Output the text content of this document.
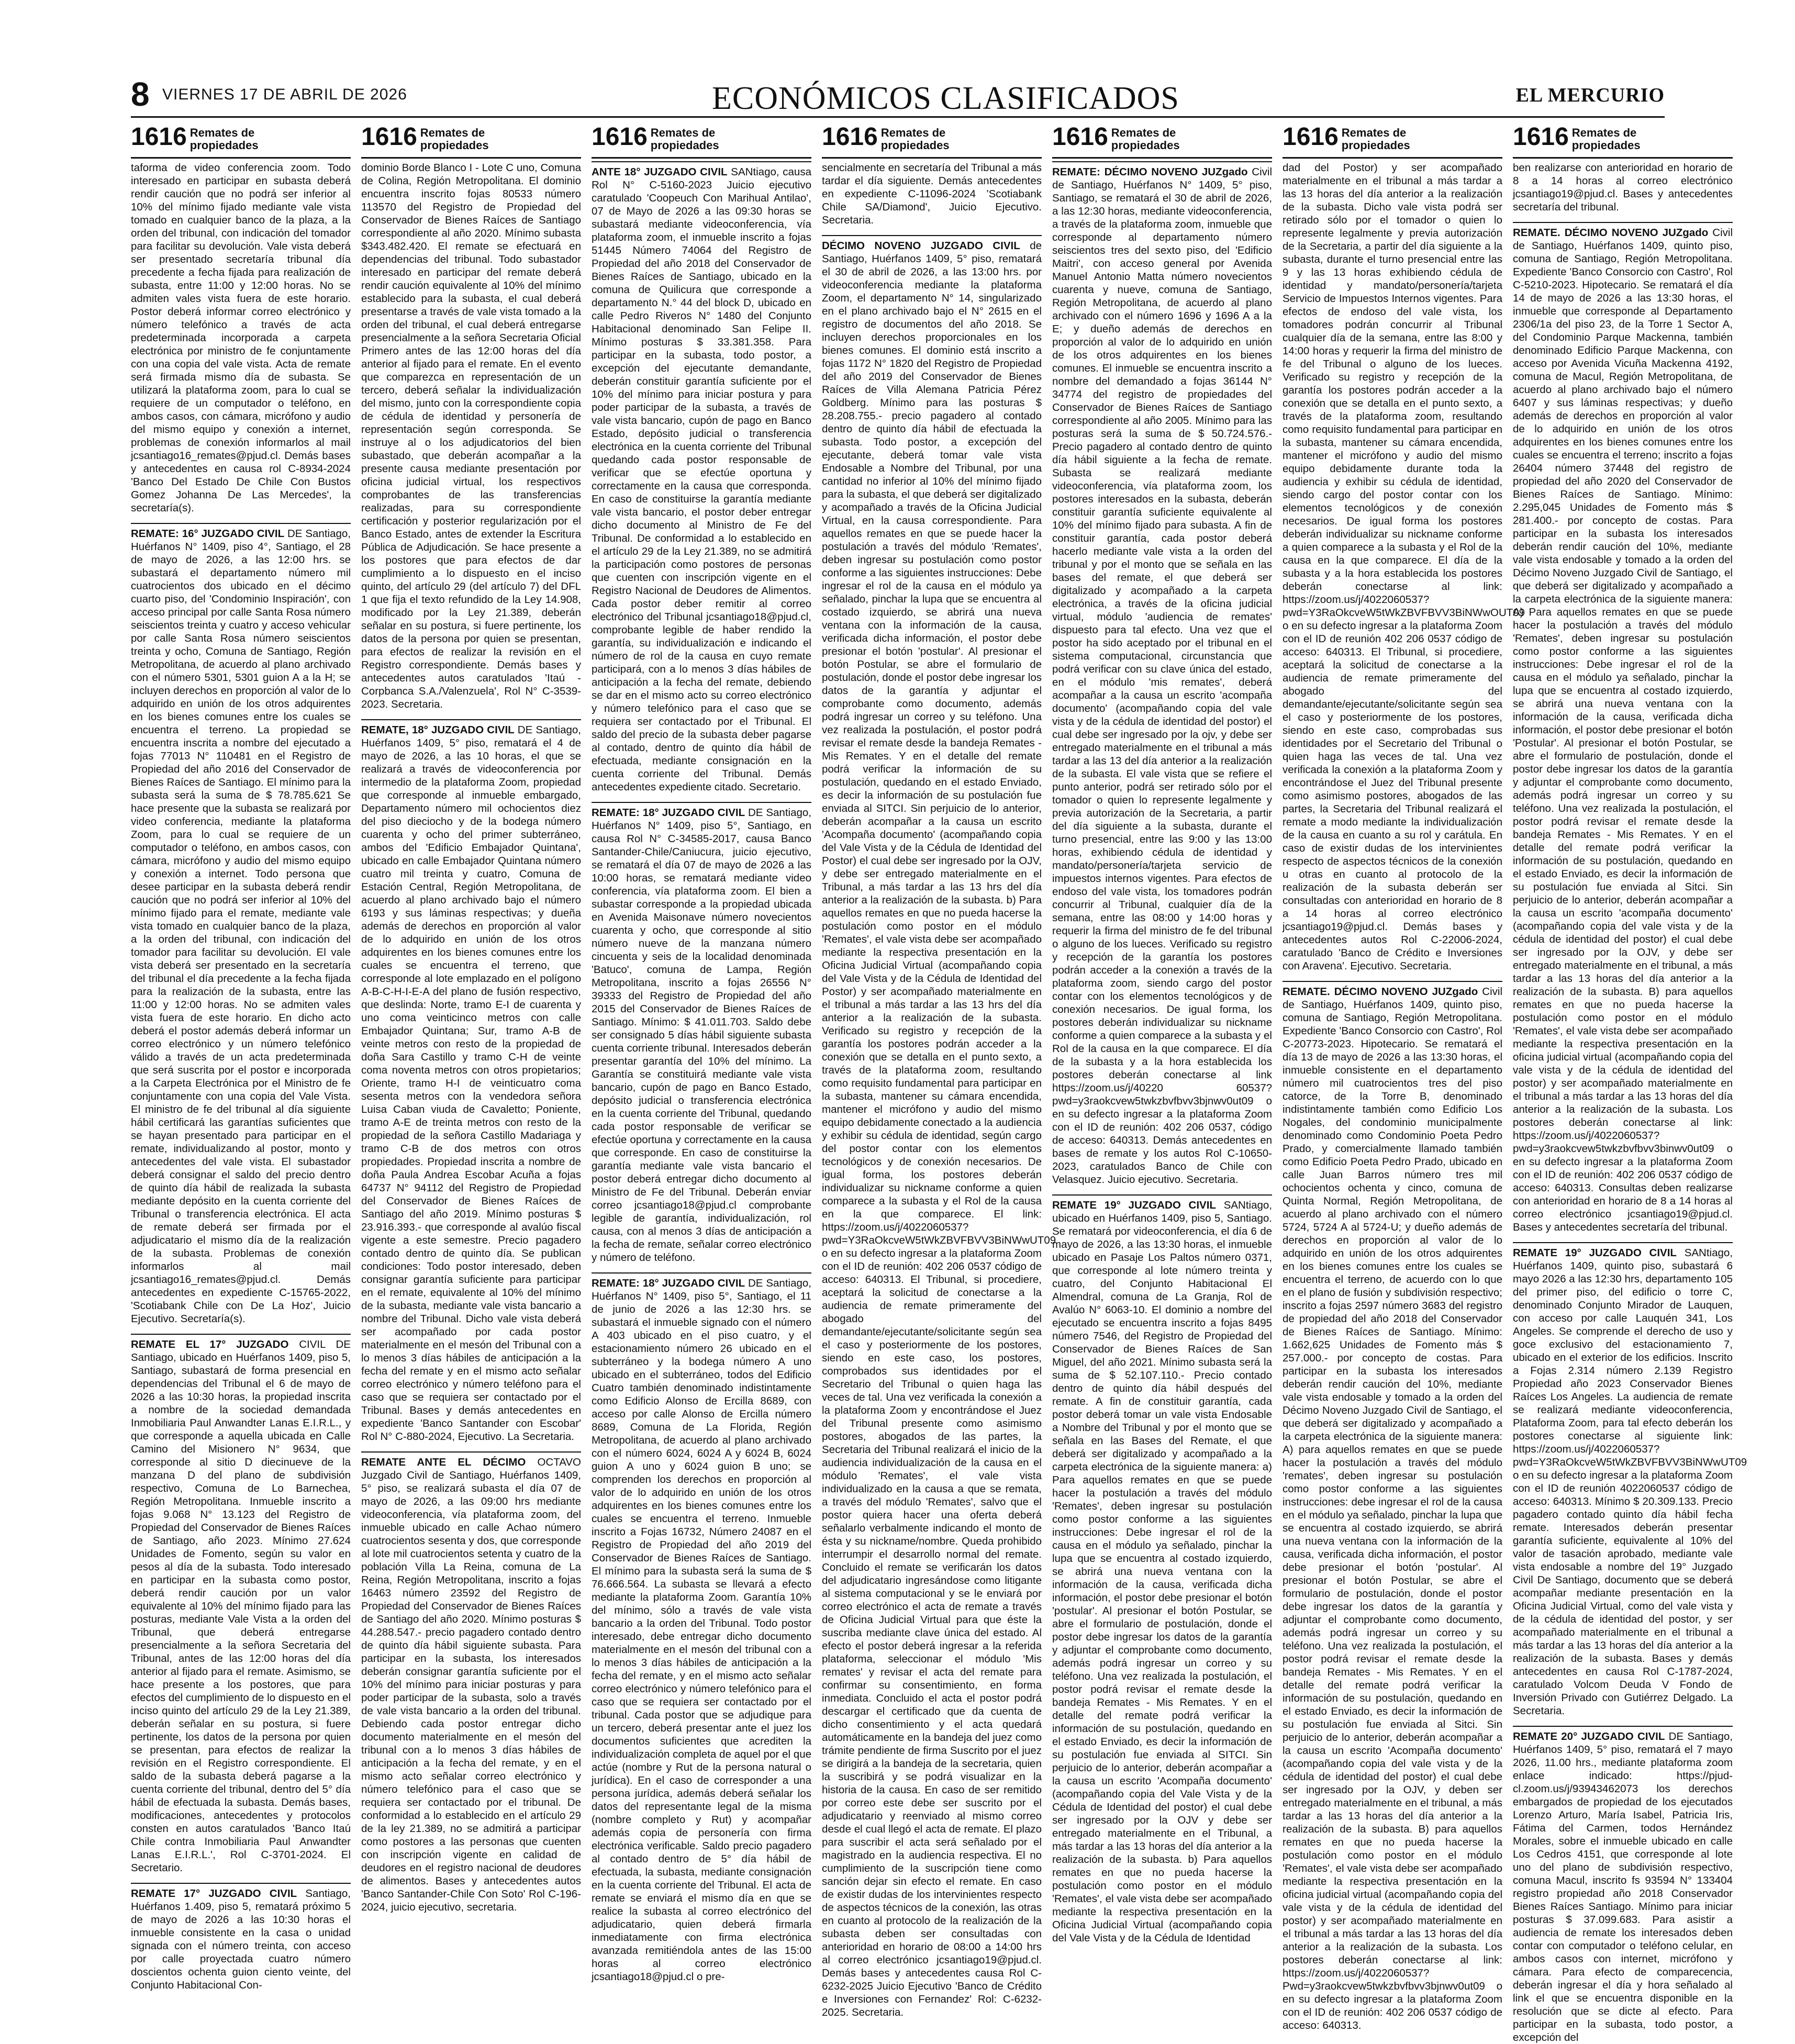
8 VIERNES 17 DE ABRIL DE 2026	ECONÓMICOS CLASIFICADOS	EL MERCURIO
1616 Remates de
propiedades	1616 Remates de
propiedades	1616 Remates de
propiedades	1616 Remates de
propiedades	1616 Remates de
propiedades	1616 Remates de
propiedades	1616 Remates de
propiedades

taforma de video conferencia zoom. Todo interesado en participar en subasta deberá rendir caución que no podrá ser inferior al 10% del mínimo fijado mediante vale vista tomado en cualquier banco de la plaza, a la orden del tribunal, con indicación del tomador para facilitar su devolución. Vale vista deberá ser presentado secretaría tribunal día precedente a fecha fijada para realización de subasta, entre 11:00 y 12:00 horas. No se admiten vales vista fuera de este horario. Postor deberá informar correo electrónico y número telefónico a través de acta predeterminada incorporada a carpeta electrónica por ministro de fe conjuntamente con una copia del vale vista. Acta de remate será firmada mismo día de subasta. Se utilizará la plataforma zoom, para lo cual se requiere de un computador o teléfono, en ambos casos, con cámara, micrófono y audio del mismo equipo y conexión a internet, problemas de conexión informarlos al mail jcsantiago16_remates@pjud.cl. Demás bases y antecedentes en causa rol C-8934-2024 'Banco Del Estado De Chile Con Bustos Gomez Johanna De Las Mercedes', la secretaría(s).

REMATE: 16° JUZGADO CIVIL DE Santiago, Huérfanos N° 1409, piso 4°, Santiago, el 28 de mayo de 2026, a las 12:00 hrs. se subastará el departamento número mil cuatrocientos dos ubicado en el décimo cuarto piso, del 'Condominio Inspiración', con acceso principal por calle Santa Rosa número seiscientos treinta y cuatro y acceso vehicular por calle Santa Rosa número seiscientos treinta y ocho, Comuna de Santiago, Región Metropolitana, de acuerdo al plano archivado con el número 5301, 5301 guion A a la H; se incluyen derechos en proporción al valor de lo adquirido en unión de los otros adquirentes en los bienes comunes entre los cuales se encuentra el terreno. La propiedad se encuentra inscrita a nombre del ejecutado a fojas 77013 N° 110481 en el Registro de Propiedad del año 2016 del Conservador de Bienes Raíces de Santiago. El mínimo para la subasta será la suma de $ 78.785.621 Se hace presente que la subasta se realizará por video conferencia, mediante la plataforma Zoom, para lo cual se requiere de un computador o teléfono, en ambos casos, con cámara, micrófono y audio del mismo equipo y conexión a internet. Todo persona que desee participar en la subasta deberá rendir caución que no podrá ser inferior al 10% del mínimo fijado para el remate, mediante vale vista tomado en cualquier banco de la plaza, a la orden del tribunal, con indicación del tomador para facilitar su devolución. El vale vista deberá ser presentado en la secretaría del tribunal el día precedente a la fecha fijada para la realización de la subasta, entre las 11:00 y 12:00 horas. No se admiten vales vista fuera de este horario. En dicho acto deberá el postor además deberá informar un correo electrónico y un número telefónico válido a través de un acta predeterminada que será suscrita por el postor e incorporada a la Carpeta Electrónica por el Ministro de fe conjuntamente con una copia del Vale Vista. El ministro de fe del tribunal al día siguiente hábil certificará las garantías suficientes que se hayan presentado para participar en el remate, individualizando al postor, monto y antecedentes del vale vista. El subastador deberá consignar el saldo del precio dentro de quinto día hábil de realizada la subasta mediante depósito en la cuenta corriente del Tribunal o transferencia electrónica. El acta de remate deberá ser firmada por el adjudicatario el mismo día de la realización de la subasta. Problemas de conexión informarlos al mail jcsantiago16_remates@pjud.cl. Demás antecedentes en expediente C-15765-2022, 'Scotiabank Chile con De La Hoz', Juicio Ejecutivo. Secretaría(s).

REMATE EL 17° JUZGADO CIVIL DE Santiago, ubicado en Huérfanos 1409, piso 5, Santiago, subastará de forma presencial en dependencias del Tribunal el 6 de mayo de 2026 a las 10:30 horas, la propiedad inscrita a nombre de la sociedad demandada Inmobiliaria Paul Anwandter Lanas E.I.R.L., y que corresponde a aquella ubicada en Calle Camino del Misionero N° 9634, que corresponde al sitio D diecinueve de la manzana D del plano de subdivisión respectivo, Comuna de Lo Barnechea, Región Metropolitana. Inmueble inscrito a fojas 9.068 N° 13.123 del Registro de Propiedad del Conservador de Bienes Raíces de Santiago, año 2023. Mínimo 27.624 Unidades de Fomento, según su valor en pesos al día de la subasta. Todo interesado en participar en la subasta como postor, deberá rendir caución por un valor equivalente al 10% del mínimo fijado para las posturas, mediante Vale Vista a la orden del Tribunal, que deberá entregarse presencialmente a la señora Secretaria del Tribunal, antes de las 12:00 horas del día anterior al fijado para el remate. Asimismo, se hace presente a los postores, que para efectos del cumplimiento de lo dispuesto en el inciso quinto del artículo 29 de la Ley 21.389, deberán señalar en su postura, si fuere pertinente, los datos de la persona por quien se presentan, para efectos de realizar la revisión en el Registro correspondiente. El saldo de la subasta deberá pagarse a la cuenta corriente del tribunal, dentro del 5° día hábil de efectuada la subasta. Demás bases, modificaciones, antecedentes y protocolos consten en autos caratulados 'Banco Itaú Chile contra Inmobiliaria Paul Anwandter Lanas E.I.R.L.', Rol C-3701-2024. El Secretario.

REMATE 17° JUZGADO CIVIL Santiago, Huérfanos 1.409, piso 5, rematará próximo 5 de mayo de 2026 a las 10:30 horas el inmueble consistente en la casa o unidad signada con el número treinta, con acceso por calle proyectada cuatro número doscientos ochenta guion ciento veinte, del Conjunto Habitacional Con-

dominio Borde Blanco I - Lote C uno, Comuna de Colina, Región Metropolitana. El dominio encuentra inscrito fojas 80533 número 113570 del Registro de Propiedad del Conservador de Bienes Raíces de Santiago correspondiente al año 2020. Mínimo subasta $343.482.420. El remate se efectuará en dependencias del tribunal. Todo subastador interesado en participar del remate deberá rendir caución equivalente al 10% del mínimo establecido para la subasta, el cual deberá presentarse a través de vale vista tomado a la orden del tribunal, el cual deberá entregarse presencialmente a la señora Secretaria Oficial Primero antes de las 12:00 horas del día anterior al fijado para el remate. En el evento que comparezca en representación de un tercero, deberá señalar la individualización del mismo, junto con la correspondiente copia de cédula de identidad y personería de representación según corresponda. Se instruye al o los adjudicatorios del bien subastado, que deberán acompañar a la presente causa mediante presentación por oficina judicial virtual, los respectivos comprobantes de las transferencias realizadas, para su correspondiente certificación y posterior regularización por el Banco Estado, antes de extender la Escritura Pública de Adjudicación. Se hace presente a los postores que para efectos de dar cumplimiento a lo dispuesto en el inciso quinto, del artículo 29 (del artículo 7) del DFL 1 que fija el texto refundido de la Ley 14.908, modificado por la Ley 21.389, deberán señalar en su postura, si fuere pertinente, los datos de la persona por quien se presentan, para efectos de realizar la revisión en el Registro correspondiente. Demás bases y antecedentes autos caratulados 'Itaú - Corpbanca S.A./Valenzuela', Rol N° C-3539-2023. Secretaria.

REMATE, 18° JUZGADO CIVIL DE Santiago, Huérfanos 1409, 5° piso, rematará el 4 de mayo de 2026, a las 10 horas, el que se realizará a través de videoconferencia por intermedio de la plataforma Zoom, propiedad que corresponde al inmueble embargado, Departamento número mil ochocientos diez del piso dieciocho y de la bodega número cuarenta y ocho del primer subterráneo, ambos del 'Edificio Embajador Quintana', ubicado en calle Embajador Quintana número cuatro mil treinta y cuatro, Comuna de Estación Central, Región Metropolitana, de acuerdo al plano archivado bajo el número 6193 y sus láminas respectivas; y dueña además de derechos en proporción al valor de lo adquirido en unión de los otros adquirentes en los bienes comunes entre los cuales se encuentra el terreno, que corresponde al lote emplazado en el polígono A-B-C-H-I-E-A del plano de fusión respectivo, que deslinda: Norte, tramo E-I de cuarenta y uno coma veinticinco metros con calle Embajador Quintana; Sur, tramo A-B de veinte metros con resto de la propiedad de doña Sara Castillo y tramo C-H de veinte coma noventa metros con otros propietarios; Oriente, tramo H-I de veinticuatro coma sesenta metros con la vendedora señora Luisa Caban viuda de Cavaletto; Poniente, tramo A-E de treinta metros con resto de la propiedad de la señora Castillo Madariaga y tramo C-B de dos metros con otros propiedades. Propiedad inscrita a nombre de doña Paula Andrea Escobar Acuña a fojas 64737 N° 94112 del Registro de Propiedad del Conservador de Bienes Raíces de Santiago del año 2019. Mínimo posturas $ 23.916.393.- que corresponde al avalúo fiscal vigente a este semestre. Precio pagadero contado dentro de quinto día. Se publican condiciones: Todo postor interesado, deben consignar garantía suficiente para participar en el remate, equivalente al 10% del mínimo de la subasta, mediante vale vista bancario a nombre del Tribunal. Dicho vale vista deberá ser acompañado por cada postor materialmente en el mesón del Tribunal con a lo menos 3 días hábiles de anticipación a la fecha del remate y en el mismo acto señalar correo electrónico y número teléfono para el caso que se requiera ser contactado por el Tribunal. Bases y demás antecedentes en expediente 'Banco Santander con Escobar' Rol N° C-880-2024, Ejecutivo. La Secretaria.

REMATE ANTE EL DÉCIMO OCTAVO Juzgado Civil de Santiago, Huérfanos 1409, 5° piso, se realizará subasta el día 07 de mayo de 2026, a las 09:00 hrs mediante videoconferencia, vía plataforma zoom, del inmueble ubicado en calle Achao número cuatrocientos sesenta y dos, que corresponde al lote mil cuatrocientos setenta y cuatro de la población Villa La Reina, comuna de La Reina, Región Metropolitana, inscrito a fojas 16463 número 23592 del Registro de Propiedad del Conservador de Bienes Raíces de Santiago del año 2020. Mínimo posturas $ 44.288.547.- precio pagadero contado dentro de quinto día hábil siguiente subasta. Para participar en la subasta, los interesados deberán consignar garantía suficiente por el 10% del mínimo para iniciar posturas y para poder participar de la subasta, solo a través de vale vista bancario a la orden del tribunal. Debiendo cada postor entregar dicho documento materialmente en el mesón del tribunal con a lo menos 3 días hábiles de anticipación a la fecha del remate, y en el mismo acto señalar correo electrónico y número telefónico para el caso que se requiera ser contactado por el tribunal. De conformidad a lo establecido en el artículo 29 de la ley 21.389, no se admitirá a participar como postores a las personas que cuenten con inscripción vigente en calidad de deudores en el registro nacional de deudores de alimentos. Bases y antecedentes autos 'Banco Santander-Chile Con Soto' Rol C-196-2024, juicio ejecutivo, secretaria.

ANTE 18° JUZGADO CIVIL SANtiago, causa Rol N° C-5160-2023 Juicio ejecutivo caratulado 'Coopeuch Con Marihual Antilao', 07 de Mayo de 2026 a las 09:30 horas se subastará mediante videoconferencia, vía plataforma zoom, el inmueble inscrito a fojas 51445 Número 74064 del Registro de Propiedad del año 2018 del Conservador de Bienes Raíces de Santiago, ubicado en la comuna de Quilicura que corresponde a departamento N.° 44 del block D, ubicado en calle Pedro Riveros N° 1480 del Conjunto Habitacional denominado San Felipe II. Mínimo posturas $ 33.381.358. Para participar en la subasta, todo postor, a excepción del ejecutante demandante, deberán constituir garantía suficiente por el 10% del mínimo para iniciar postura y para poder participar de la subasta, a través de vale vista bancario, cupón de pago en Banco Estado, depósito judicial o transferencia electrónica en la cuenta corriente del Tribunal quedando cada postor responsable de verificar que se efectúe oportuna y correctamente en la causa que corresponda. En caso de constituirse la garantía mediante vale vista bancario, el postor deber entregar dicho documento al Ministro de Fe del Tribunal. De conformidad a lo establecido en el artículo 29 de la Ley 21.389, no se admitirá la participación como postores de personas que cuenten con inscripción vigente en el Registro Nacional de Deudores de Alimentos. Cada postor deber remitir al correo electrónico del Tribunal jcsantiago18@pjud.cl, comprobante legible de haber rendido la garantía, su individualización e indicando el número de rol de la causa en cuyo remate participará, con a lo menos 3 días hábiles de anticipación a la fecha del remate, debiendo se dar en el mismo acto su correo electrónico y número telefónico para el caso que se requiera ser contactado por el Tribunal. El saldo del precio de la subasta deber pagarse al contado, dentro de quinto día hábil de efectuada, mediante consignación en la cuenta corriente del Tribunal. Demás antecedentes expediente citado. Secretario.

REMATE: 18° JUZGADO CIVIL DE Santiago, Huérfanos N° 1409, piso 5°, Santiago, en causa Rol N° C-34585-2017, causa Banco Santander-Chile/Caniucura, juicio ejecutivo, se rematará el día 07 de mayo de 2026 a las 10:00 horas, se rematará mediante video conferencia, vía plataforma zoom. El bien a subastar corresponde a la propiedad ubicada en Avenida Maisonave número novecientos cuarenta y ocho, que corresponde al sitio número nueve de la manzana número cincuenta y seis de la localidad denominada 'Batuco', comuna de Lampa, Región Metropolitana, inscrito a fojas 26556 N° 39333 del Registro de Propiedad del año 2015 del Conservador de Bienes Raíces de Santiago. Mínimo: $ 41.011.703. Saldo debe ser consignado 5 días hábil siguiente subasta cuenta corriente tribunal. Interesados deberán presentar garantía del 10% del mínimo. La Garantía se constituirá mediante vale vista bancario, cupón de pago en Banco Estado, depósito judicial o transferencia electrónica en la cuenta corriente del Tribunal, quedando cada postor responsable de verificar se efectúe oportuna y correctamente en la causa que corresponde. En caso de constituirse la garantía mediante vale vista bancario el postor deberá entregar dicho documento al Ministro de Fe del Tribunal. Deberán enviar correo jcsantiago18@pjud.cl comprobante legible de garantía, individualización, rol causa, con al menos 3 días de anticipación a la fecha de remate, señalar correo electrónico y número de teléfono.

REMATE: 18° JUZGADO CIVIL DE Santiago, Huérfanos N° 1409, piso 5°, Santiago, el 11 de junio de 2026 a las 12:30 hrs. se subastará el inmueble signado con el número A 403 ubicado en el piso cuatro, y el estacionamiento número 26 ubicado en el subterráneo y la bodega número A uno ubicado en el subterráneo, todos del Edificio Cuatro también denominado indistintamente como Edificio Alonso de Ercilla 8689, con acceso por calle Alonso de Ercilla número 8689, Comuna de La Florida, Región Metropolitana, de acuerdo al plano archivado con el número 6024, 6024 A y 6024 B, 6024 guion A uno y 6024 guion B uno; se comprenden los derechos en proporción al valor de lo adquirido en unión de los otros adquirentes en los bienes comunes entre los cuales se encuentra el terreno. Inmueble inscrito a Fojas 16732, Número 24087 en el Registro de Propiedad del año 2019 del Conservador de Bienes Raíces de Santiago. El mínimo para la subasta será la suma de $ 76.666.564. La subasta se llevará a efecto mediante la plataforma Zoom. Garantía 10% del mínimo, sólo a través de vale vista bancario a la orden del Tribunal. Todo postor interesado, debe entregar dicho documento materialmente en el mesón del tribunal con a lo menos 3 días hábiles de anticipación a la fecha del remate, y en el mismo acto señalar correo electrónico y número telefónico para el caso que se requiera ser contactado por el tribunal. Cada postor que se adjudique para un tercero, deberá presentar ante el juez los documentos suficientes que acrediten la individualización completa de aquel por el que actúe (nombre y Rut de la persona natural o jurídica). En el caso de corresponder a una persona jurídica, además deberá señalar los datos del representante legal de la misma (nombre completo y Rut) y acompañar además copia de personería con firma electrónica verificable. Saldo precio pagadero al contado dentro de 5° día hábil de efectuada, la subasta, mediante consignación en la cuenta corriente del Tribunal. El acta de remate se enviará el mismo día en que se realice la subasta al correo electrónico del adjudicatario, quien deberá firmarla inmediatamente con firma electrónica avanzada remitiéndola antes de las 15:00 horas al correo electrónico jcsantiago18@pjud.cl o pre-

sencialmente en secretaría del Tribunal a más tardar el día siguiente. Demás antecedentes en expediente C-11096-2024 'Scotiabank Chile SA/Diamond', Juicio Ejecutivo. Secretaria.

DÉCIMO NOVENO JUZGADO CIVIL de Santiago, Huérfanos 1409, 5° piso, rematará el 30 de abril de 2026, a las 13:00 hrs. por videoconferencia mediante la plataforma Zoom, el departamento N° 14, singularizado en el plano archivado bajo el N° 2615 en el registro de documentos del año 2018. Se incluyen derechos proporcionales en los bienes comunes. El dominio está inscrito a fojas 1172 N° 1820 del Registro de Propiedad del año 2019 del Conservador de Bienes Raíces de Villa Alemana Patricia Pérez Goldberg. Mínimo para las posturas $ 28.208.755.- precio pagadero al contado dentro de quinto día hábil de efectuada la subasta. Todo postor, a excepción del ejecutante, deberá tomar vale vista Endosable a Nombre del Tribunal, por una cantidad no inferior al 10% del mínimo fijado para la subasta, el que deberá ser digitalizado y acompañado a través de la Oficina Judicial Virtual, en la causa correspondiente. Para aquellos remates en que se puede hacer la postulación a través del módulo 'Remates', deben ingresar su postulación como postor conforme a las siguientes instrucciones: Debe ingresar el rol de la causa en el módulo ya señalado, pinchar la lupa que se encuentra al costado izquierdo, se abrirá una nueva ventana con la información de la causa, verificada dicha información, el postor debe presionar el botón 'postular'. Al presionar el botón Postular, se abre el formulario de postulación, donde el postor debe ingresar los datos de la garantía y adjuntar el comprobante como documento, además podrá ingresar un correo y su teléfono. Una vez realizada la postulación, el postor podrá revisar el remate desde la bandeja Remates - Mis Remates. Y en el detalle del remate podrá verificar la información de su postulación, quedando en el estado Enviado, es decir la información de su postulación fue enviada al SITCI. Sin perjuicio de lo anterior, deberán acompañar a la causa un escrito 'Acompaña documento' (acompañando copia del Vale Vista y de la Cédula de Identidad del Postor) el cual debe ser ingresado por la OJV, y debe ser entregado materialmente en el Tribunal, a más tardar a las 13 hrs del día anterior a la realización de la subasta. b) Para aquellos remates en que no pueda hacerse la postulación como postor en el módulo 'Remates', el vale vista debe ser acompañado mediante la respectiva presentación en la Oficina Judicial Virtual (acompañando copia del Vale Vista y de la Cédula de Identidad del Postor) y ser acompañado materialmente en el tribunal a más tardar a las 13 hrs del día anterior a la realización de la subasta. Verificado su registro y recepción de la garantía los postores podrán acceder a la conexión que se detalla en el punto sexto, a través de la plataforma zoom, resultando como requisito fundamental para participar en la subasta, mantener su cámara encendida, mantener el micrófono y audio del mismo equipo debidamente conectado a la audiencia y exhibir su cédula de identidad, según cargo del postor contar con los elementos tecnológicos y de conexión necesarios. De igual forma, los postores deberán individualizar su nickname conforme a quien comparece a la subasta y el Rol de la causa en la que comparece. El link: https://zoom.us/j/4022060537?pwd=Y3RaOkcveW5tWkZBVFBVV3BiNWwUT09 o en su defecto ingresar a la plataforma Zoom con el ID de reunión: 402 206 0537 código de acceso: 640313. El Tribunal, si procediere, aceptará la solicitud de conectarse a la audiencia de remate primeramente del abogado del demandante/ejecutante/solicitante según sea el caso y posteriormente de los postores, siendo en este caso, los postores, comprobados sus identidades por el Secretario del Tribunal o quien haga las veces de tal. Una vez verificada la conexión a la plataforma Zoom y encontrándose el Juez del Tribunal presente como asimismo postores, abogados de las partes, la Secretaria del Tribunal realizará el inicio de la audiencia individualización de la causa en el módulo 'Remates', el vale vista individualizado en la causa a que se remata, a través del módulo 'Remates', salvo que el postor quiera hacer una oferta deberá señalarlo verbalmente indicando el monto de ésta y su nickname/nombre. Queda prohibido interrumpir el desarrollo normal del remate. Concluido el remate se verificarán los datos del adjudicatario ingresándose como litigante al sistema computacional y se le enviará por correo electrónico el acta de remate a través de Oficina Judicial Virtual para que éste la suscriba mediante clave única del estado. Al efecto el postor deberá ingresar a la referida plataforma, seleccionar el módulo 'Mis remates' y revisar el acta del remate para confirmar su consentimiento, en forma inmediata. Concluido el acta el postor podrá descargar el certificado que da cuenta de dicho consentimiento y el acta quedará automáticamente en la bandeja del juez como trámite pendiente de firma Suscrito por el juez se dirigirá a la bandeja de la secretaria, quien la suscribirá y se podrá visualizar en la historia de la causa. En caso de ser remitido por correo este debe ser suscrito por el adjudicatario y reenviado al mismo correo desde el cual llegó el acta de remate. El plazo para suscribir el acta será señalado por el magistrado en la audiencia respectiva. El no cumplimiento de la suscripción tiene como sanción dejar sin efecto el remate. En caso de existir dudas de los intervinientes respecto de aspectos técnicos de la conexión, las otras en cuanto al protocolo de la realización de la subasta deben ser consultadas con anterioridad en horario de 08:00 a 14:00 hrs al correo electrónico jcsantiago19@pjud.cl. Demás bases y antecedentes causa Rol C-6232-2025 Juicio Ejecutivo 'Banco de Crédito e Inversiones con Fernandez' Rol: C-6232-2025. Secretaria.

REMATE: DÉCIMO NOVENO JUZgado Civil de Santiago, Huérfanos N° 1409, 5° piso, Santiago, se rematará el 30 de abril de 2026, a las 12:30 horas, mediante videoconferencia, a través de la plataforma zoom, inmueble que corresponde al departamento número seiscientos tres del sexto piso, del 'Edificio Maitri', con acceso general por Avenida Manuel Antonio Matta número novecientos cuarenta y nueve, comuna de Santiago, Región Metropolitana, de acuerdo al plano archivado con el número 1696 y 1696 A a la E; y dueño además de derechos en proporción al valor de lo adquirido en unión de los otros adquirentes en los bienes comunes. El inmueble se encuentra inscrito a nombre del demandado a fojas 36144 N° 34774 del registro de propiedades del Conservador de Bienes Raíces de Santiago correspondiente al año 2005. Mínimo para las posturas será la suma de $ 50.724.576.- Precio pagadero al contado dentro de quinto día hábil siguiente a la fecha de remate. Subasta se realizará mediante videoconferencia, vía plataforma zoom, los postores interesados en la subasta, deberán constituir garantía suficiente equivalente al 10% del mínimo fijado para subasta. A fin de constituir garantía, cada postor deberá hacerlo mediante vale vista a la orden del tribunal y por el monto que se señala en las bases del remate, el que deberá ser digitalizado y acompañado a la carpeta electrónica, a través de la oficina judicial virtual, módulo 'audiencia de remates' dispuesto para tal efecto. Una vez que el postor ha sido aceptado por el tribunal en el sistema computacional, circunstancia que podrá verificar con su clave única del estado, en el módulo 'mis remates', deberá acompañar a la causa un escrito 'acompaña documento' (acompañando copia del vale vista y de la cédula de identidad del postor) el cual debe ser ingresado por la ojv, y debe ser entregado materialmente en el tribunal a más tardar a las 13 del día anterior a la realización de la subasta. El vale vista que se refiere el punto anterior, podrá ser retirado sólo por el tomador o quien lo represente legalmente y previa autorización de la Secretaria, a partir del día siguiente a la subasta, durante el turno presencial, entre las 9:00 y las 13:00 horas, exhibiendo cédula de identidad y mandato/personería/tarjeta servicio de impuestos internos vigentes. Para efectos de endoso del vale vista, los tomadores podrán concurrir al Tribunal, cualquier día de la semana, entre las 08:00 y 14:00 horas y requerir la firma del ministro de fe del tribunal o alguno de los lueces. Verificado su registro y recepción de la garantía los postores podrán acceder a la conexión a través de la plataforma zoom, siendo cargo del postor contar con los elementos tecnológicos y de conexión necesarios. De igual forma, los postores deberán individualizar su nickname conforme a quien comparece a la subasta y el Rol de la causa en la que comparece. El día de la subasta y a la hora establecida los postores deberán conectarse al link https://zoom.us/j/40220 60537?pwd=y3raokcvew5twkzbvfbvv3bjnwv0ut09 o en su defecto ingresar a la plataforma Zoom con el ID de reunión: 402 206 0537, código de acceso: 640313. Demás antecedentes en bases de remate y los autos Rol C-10650-2023, caratulados Banco de Chile con Velasquez. Juicio ejecutivo. Secretaria.

REMATE 19° JUZGADO CIVIL SANtiago, ubicado en Huérfanos 1409, piso 5, Santiago. Se rematará por videoconferencia, el día 6 de mayo de 2026, a las 13:30 horas, el inmueble ubicado en Pasaje Los Paltos número 0371, que corresponde al lote número treinta y cuatro, del Conjunto Habitacional El Almendral, comuna de La Granja, Rol de Avalúo N° 6063-10. El dominio a nombre del ejecutado se encuentra inscrito a fojas 8495 número 7546, del Registro de Propiedad del Conservador de Bienes Raíces de San Miguel, del año 2021. Mínimo subasta será la suma de $ 52.107.110.- Precio contado dentro de quinto día hábil después del remate. A fin de constituir garantía, cada postor deberá tomar un vale vista Endosable a Nombre del Tribunal y por el monto que se señala en las Bases del Remate, el que deberá ser digitalizado y acompañado a la carpeta electrónica de la siguiente manera: a) Para aquellos remates en que se puede hacer la postulación a través del módulo 'Remates', deben ingresar su postulación como postor conforme a las siguientes instrucciones: Debe ingresar el rol de la causa en el módulo ya señalado, pinchar la lupa que se encuentra al costado izquierdo, se abrirá una nueva ventana con la información de la causa, verificada dicha información, el postor debe presionar el botón 'postular'. Al presionar el botón Postular, se abre el formulario de postulación, donde el postor debe ingresar los datos de la garantía y adjuntar el comprobante como documento, además podrá ingresar un correo y su teléfono. Una vez realizada la postulación, el postor podrá revisar el remate desde la bandeja Remates - Mis Remates. Y en el detalle del remate podrá verificar la información de su postulación, quedando en el estado Enviado, es decir la información de su postulación fue enviada al SITCI. Sin perjuicio de lo anterior, deberán acompañar a la causa un escrito 'Acompaña documento' (acompañando copia del Vale Vista y de la Cédula de Identidad del postor) el cual debe ser ingresado por la OJV y debe ser entregado materialmente en el Tribunal, a más tardar a las 13 horas del día anterior a la realización de la subasta. b) Para aquellos remates en que no pueda hacerse la postulación como postor en el módulo 'Remates', el vale vista debe ser acompañado mediante la respectiva presentación en la Oficina Judicial Virtual (acompañando copia del Vale Vista y de la Cédula de Identidad

dad del Postor) y ser acompañado materialmente en el tribunal a más tardar a las 13 horas del día anterior a la realización de la subasta. Dicho vale vista podrá ser retirado sólo por el tomador o quien lo represente legalmente y previa autorización de la Secretaria, a partir del día siguiente a la subasta, durante el turno presencial entre las 9 y las 13 horas exhibiendo cédula de identidad y mandato/personería/tarjeta Servicio de Impuestos Internos vigentes. Para efectos de endoso del vale vista, los tomadores podrán concurrir al Tribunal cualquier día de la semana, entre las 8:00 y 14:00 horas y requerir la firma del ministro de fe del Tribunal o alguno de los lueces. Verificado su registro y recepción de la garantía los postores podrán acceder a la conexión que se detalla en el punto sexto, a través de la plataforma zoom, resultando como requisito fundamental para participar en la subasta, mantener su cámara encendida, mantener el micrófono y audio del mismo equipo debidamente durante toda la audiencia y exhibir su cédula de identidad, siendo cargo del postor contar con los elementos tecnológicos y de conexión necesarios. De igual forma los postores deberán individualizar su nickname conforme a quien comparece a la subasta y el Rol de la causa en la que comparece. El día de la subasta y a la hora establecida los postores deberán conectarse al link: https://zoom.us/j/4022060537?pwd=Y3RaOkcveW5tWkZBVFBVV3BiNWwOUT09 o en su defecto ingresar a la plataforma Zoom con el ID de reunión 402 206 0537 código de acceso: 640313. El Tribunal, si procediere, aceptará la solicitud de conectarse a la audiencia de remate primeramente del abogado del demandante/ejecutante/solicitante según sea el caso y posteriormente de los postores, siendo en este caso, comprobadas sus identidades por el Secretario del Tribunal o quien haga las veces de tal. Una vez verificada la conexión a la plataforma Zoom y encontrándose el Juez del Tribunal presente como asimismo postores, abogados de las partes, la Secretaria del Tribunal realizará el remate a modo mediante la individualización de la causa en cuanto a su rol y carátula. En caso de existir dudas de los intervinientes respecto de aspectos técnicos de la conexión u otras en cuanto al protocolo de la realización de la subasta deberán ser consultadas con anterioridad en horario de 8 a 14 horas al correo electrónico jcsantiago19@pjud.cl. Demás bases y antecedentes autos Rol C-22006-2024, caratulado 'Banco de Crédito e Inversiones con Aravena'. Ejecutivo. Secretaria.

REMATE. DÉCIMO NOVENO JUZgado Civil de Santiago, Huérfanos 1409, quinto piso, comuna de Santiago, Región Metropolitana. Expediente 'Banco Consorcio con Castro', Rol C-20773-2023. Hipotecario. Se rematará el día 13 de mayo de 2026 a las 13:30 horas, el inmueble consistente en el departamento número mil cuatrocientos tres del piso catorce, de la Torre B, denominado indistintamente también como Edificio Los Nogales, del condominio municipalmente denominado como Condominio Poeta Pedro Prado, y comercialmente llamado también como Edificio Poeta Pedro Prado, ubicado en calle Juan Barros número tres mil ochocientos ochenta y cinco, comuna de Quinta Normal, Región Metropolitana, de acuerdo al plano archivado con el número 5724, 5724 A al 5724-U; y dueño además de derechos en proporción al valor de lo adquirido en unión de los otros adquirentes en los bienes comunes entre los cuales se encuentra el terreno, de acuerdo con lo que en el plano de fusión y subdivisión respectivo; inscrito a fojas 2597 número 3683 del registro de propiedad del año 2018 del Conservador de Bienes Raíces de Santiago. Mínimo: 1.662,625 Unidades de Fomento más $ 257.000.- por concepto de costas. Para participar en la subasta los interesados deberán rendir caución del 10%, mediante vale vista endosable y tomado a la orden del Décimo Noveno Juzgado Civil de Santiago, el que deberá ser digitalizado y acompañado a la carpeta electrónica de la siguiente manera: A) para aquellos remates en que se puede hacer la postulación a través del módulo 'remates', deben ingresar su postulación como postor conforme a las siguientes instrucciones: debe ingresar el rol de la causa en el módulo ya señalado, pinchar la lupa que se encuentra al costado izquierdo, se abrirá una nueva ventana con la información de la causa, verificada dicha información, el postor debe presionar el botón 'postular'. Al presionar el botón Postular, se abre el formulario de postulación, donde el postor debe ingresar los datos de la garantía y adjuntar el comprobante como documento, además podrá ingresar un correo y su teléfono. Una vez realizada la postulación, el postor podrá revisar el remate desde la bandeja Remates - Mis Remates. Y en el detalle del remate podrá verificar la información de su postulación, quedando en el estado Enviado, es decir la información de su postulación fue enviada al Sitci. Sin perjuicio de lo anterior, deberán acompañar a la causa un escrito 'Acompaña documento' (acompañando copia del vale vista y de la cédula de identidad del postor) el cual debe ser ingresado por la OJV, y deben ser entregado materialmente en el tribunal, a más tardar a las 13 horas del día anterior a la realización de la subasta. B) para aquellos remates en que no pueda hacerse la postulación como postor en el módulo 'Remates', el vale vista debe ser acompañado mediante la respectiva presentación en la oficina judicial virtual (acompañando copia del vale vista y de la cédula de identidad del postor) y ser acompañado materialmente en el tribunal a más tardar a las 13 horas del día anterior a la realización de la subasta. Los postores deberán conectarse al link: https://zoom.us/j/4022060537? Pwd=y3raokcvew5twkzbvfbvv3bjnwv0ut09 o en su defecto ingresar a la plataforma Zoom con el ID de reunión: 402 206 0537 código de acceso: 640313.

ben realizarse con anterioridad en horario de 8 a 14 horas al correo electrónico jcsantiago19@pjud.cl. Bases y antecedentes secretaría del tribunal.

REMATE. DÉCIMO NOVENO JUZgado Civil de Santiago, Huérfanos 1409, quinto piso, comuna de Santiago, Región Metropolitana. Expediente 'Banco Consorcio con Castro', Rol C-5210-2023. Hipotecario. Se rematará el día 14 de mayo de 2026 a las 13:30 horas, el inmueble que corresponde al Departamento 2306/1a del piso 23, de la Torre 1 Sector A, del Condominio Parque Mackenna, también denominado Edificio Parque Mackenna, con acceso por Avenida Vicuña Mackenna 4192, comuna de Macul, Región Metropolitana, de acuerdo al plano archivado bajo el número 6407 y sus láminas respectivas; y dueño además de derechos en proporción al valor de lo adquirido en unión de los otros adquirentes en los bienes comunes entre los cuales se encuentra el terreno; inscrito a fojas 26404 número 37448 del registro de propiedad del año 2020 del Conservador de Bienes Raíces de Santiago. Mínimo: 2.295,045 Unidades de Fomento más $ 281.400.- por concepto de costas. Para participar en la subasta los interesados deberán rendir caución del 10%, mediante vale vista endosable y tomado a la orden del Décimo Noveno Juzgado Civil de Santiago, el que deberá ser digitalizado y acompañado a la carpeta electrónica de la siguiente manera: A) Para aquellos remates en que se puede hacer la postulación a través del módulo 'Remates', deben ingresar su postulación como postor conforme a las siguientes instrucciones: Debe ingresar el rol de la causa en el módulo ya señalado, pinchar la lupa que se encuentra al costado izquierdo, se abrirá una nueva ventana con la información de la causa, verificada dicha información, el postor debe presionar el botón 'Postular'. Al presionar el botón Postular, se abre el formulario de postulación, donde el postor debe ingresar los datos de la garantía y adjuntar el comprobante como documento, además podrá ingresar un correo y su teléfono. Una vez realizada la postulación, el postor podrá revisar el remate desde la bandeja Remates - Mis Remates. Y en el detalle del remate podrá verificar la información de su postulación, quedando en el estado Enviado, es decir la información de su postulación fue enviada al Sitci. Sin perjuicio de lo anterior, deberán acompañar a la causa un escrito 'acompaña documento' (acompañando copia del vale vista y de la cédula de identidad del postor) el cual debe ser ingresado por la OJV, y debe ser entregado materialmente en el tribunal, a más tardar a las 13 horas del día anterior a la realización de la subasta. B) para aquellos remates en que no pueda hacerse la postulación como postor en el módulo 'Remates', el vale vista debe ser acompañado mediante la respectiva presentación en la oficina judicial virtual (acompañando copia del vale vista y de la cédula de identidad del postor) y ser acompañado materialmente en el tribunal a más tardar a las 13 horas del día anterior a la realización de la subasta. Los postores deberán conectarse al link: https://zoom.us/j/4022060537?pwd=y3raokcvew5twkzbvfbvv3binwv0ut09 o en su defecto ingresar a la plataforma Zoom con el ID de reunión: 402 206 0537 código de acceso: 640313. Consultas deben realizarse con anterioridad en horario de 8 a 14 horas al correo electrónico jcsantiago19@pjud.cl. Bases y antecedentes secretaría del tribunal.

REMATE 19° JUZGADO CIVIL SANtiago, Huérfanos 1409, quinto piso, subastará 6 mayo 2026 a las 12:30 hrs, departamento 105 del primer piso, del edificio o torre C, denominado Conjunto Mirador de Lauquen, con acceso por calle Lauquén 341, Los Angeles. Se comprende el derecho de uso y goce exclusivo del estacionamiento 7, ubicado en el exterior de los edificios. Inscrito a Fojas 2.314 número 2.139 Registro Propiedad año 2023 Conservador Bienes Raíces Los Angeles. La audiencia de remate se realizará mediante videoconferencia, Plataforma Zoom, para tal efecto deberán los postores conectarse al siguiente link: https://zoom.us/j/4022060537?pwd=Y3RaOkcveW5tWkZBVFBVV3BiNWwUT09 o en su defecto ingresar a la plataforma Zoom con el ID de reunión 4022060537 código de acceso: 640313. Mínimo $ 20.309.133. Precio pagadero contado quinto día hábil fecha remate. Interesados deberán presentar garantía suficiente, equivalente al 10% del valor de tasación aprobado, mediante vale vista endosable a nombre del 19° Juzgado Civil De Santiago, documento que se deberá acompañar mediante presentación en la Oficina Judicial Virtual, como del vale vista y de la cédula de identidad del postor, y ser acompañado materialmente en el tribunal a más tardar a las 13 horas del día anterior a la realización de la subasta. Bases y demás antecedentes en causa Rol C-1787-2024, caratulado Volcom Deuda V Fondo de Inversión Privado con Gutiérrez Delgado. La Secretaria.

REMATE 20° JUZGADO CIVIL DE Santiago, Huérfanos 1409, 5° piso, rematará el 7 mayo 2026, 11.00 hrs., mediante plataforma zoom enlace indicado: https://pjud-cl.zoom.us/j/93943462073 los derechos embargados de propiedad de los ejecutados Lorenzo Arturo, María Isabel, Patricia Iris, Fátima del Carmen, todos Hernández Morales, sobre el inmueble ubicado en calle Los Cedros 4151, que corresponde al lote uno del plano de subdivisión respectivo, comuna Macul, inscrito fs 93594 N° 133404 registro propiedad año 2018 Conservador Bienes Raíces Santiago. Mínimo para iniciar posturas $ 37.099.683. Para asistir a audiencia de remate los interesados deben contar con computador o teléfono celular, en ambos casos con internet, micrófono y cámara. Para efecto de comparecencia, deberán ingresar el día y hora señalado al link el que se encuentra disponible en la resolución que se dicte al efecto. Para participar en la subasta, todo postor, a excepción del
